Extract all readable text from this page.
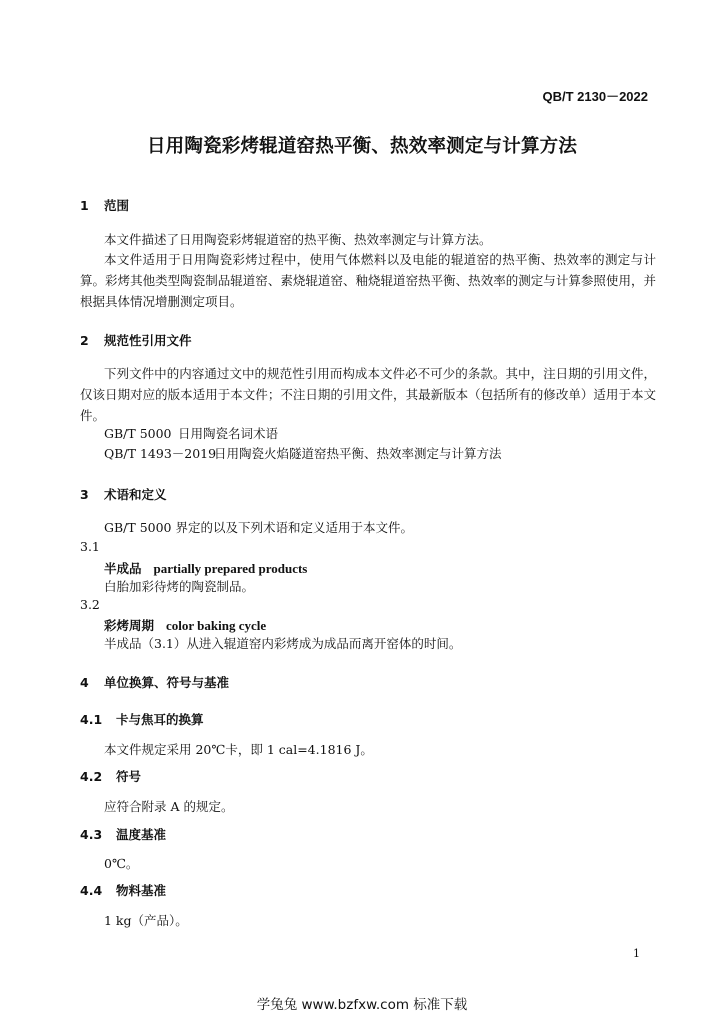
QB/T 2130－2022
日用陶瓷彩烤辊道窑热平衡、热效率测定与计算方法
1 范围
本文件描述了日用陶瓷彩烤辊道窑的热平衡、热效率测定与计算方法。
本文件适用于日用陶瓷彩烤过程中，使用气体燃料以及电能的辊道窑的热平衡、热效率的测定与计算。彩烤其他类型陶瓷制品辊道窑、素烧辊道窑、釉烧辊道窑热平衡、热效率的测定与计算参照使用，并根据具体情况增删测定项目。
2 规范性引用文件
下列文件中的内容通过文中的规范性引用而构成本文件必不可少的条款。其中，注日期的引用文件，仅该日期对应的版本适用于本文件；不注日期的引用文件，其最新版本（包括所有的修改单）适用于本文件。
GB/T 5000 日用陶瓷名词术语
QB/T 1493－2019日用陶瓷火焰隧道窑热平衡、热效率测定与计算方法
3 术语和定义
GB/T 5000 界定的以及下列术语和定义适用于本文件。
3.1
半成品 partially prepared products
白胎加彩待烤的陶瓷制品。
3.2
彩烤周期 color baking cycle
半成品（3.1）从进入辊道窑内彩烤成为成品而离开窑体的时间。
4 单位换算、符号与基准
4.1 卡与焦耳的换算
本文件规定采用 20℃卡，即 1 cal=4.1816 J。
4.2 符号
应符合附录 A 的规定。
4.3 温度基准
0℃。
4.4 物料基准
1 kg（产品）。
1
学兔兔 www.bzfxw.com 标准下载
